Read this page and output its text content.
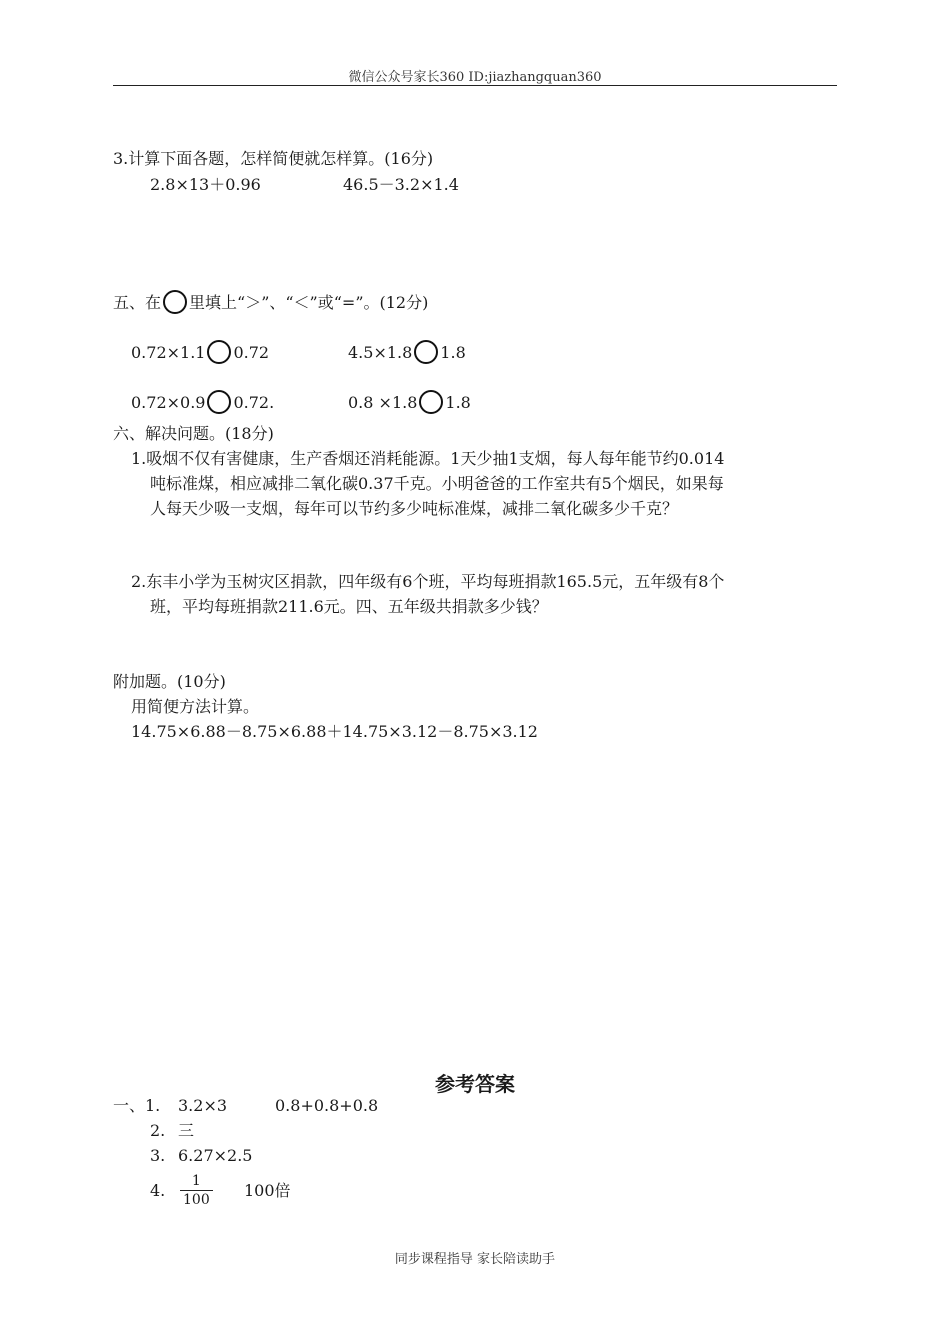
微信公众号家长360 ID:jiazhangquan360
3.计算下面各题，怎样简便就怎样算。(16分)
2.8×13＋0.96	46.5－3.2×1.4
五、在 里填上“＞”、“＜”或“=”。(12分)
0.72×1.1 0.72	4.5×1.8 1.8
0.72×0.9 0.72.	0.8 ×1.8 1.8
六、解决问题。(18分)
1.吸烟不仅有害健康，生产香烟还消耗能源。1天少抽1支烟，每人每年能节约0.014
吨标准煤，相应减排二氧化碳0.37千克。小明爸爸的工作室共有5个烟民，如果每
人每天少吸一支烟，每年可以节约多少吨标准煤，减排二氧化碳多少千克？
2.东丰小学为玉树灾区捐款，四年级有6个班，平均每班捐款165.5元，五年级有8个
班，平均每班捐款211.6元。四、五年级共捐款多少钱？
附加题。(10分)
用简便方法计算。
14.75×6.88－8.75×6.88＋14.75×3.12－8.75×3.12
参考答案
一、1. 3.2×3	0.8+0.8+0.8
2. 三
3. 6.27×2.5
4. $\frac{1}{100} 100$倍
同步课程指导 家长陪读助手
